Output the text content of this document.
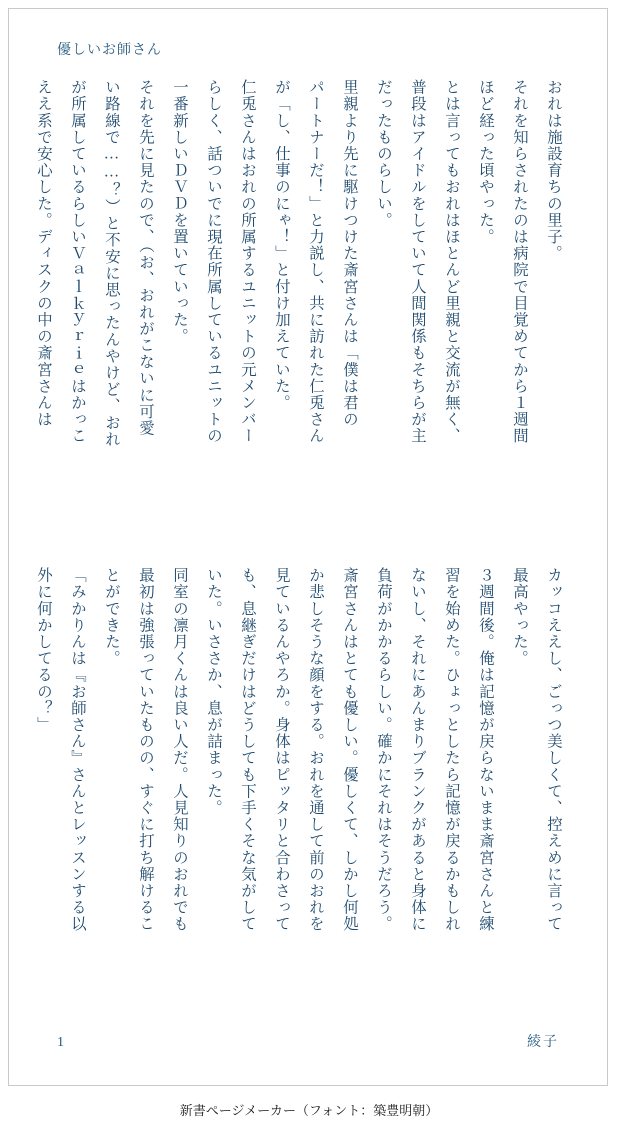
優しいお師さん
おれは施設育ちの里子。
カッコええし、ごっつ美しくて、控えめに言って
それを知らされたのは病院で目覚めてから１週間
最高やった。
ほど経った頃やった。
３週間後。俺は記憶が戻らないまま斎宮さんと練
とは言ってもおれはほとんど里親と交流が無く、
習を始めた。ひょっとしたら記憶が戻るかもしれ
普段はアイドルをしていて人間関係もそちらが主
ないし、それにあんまりブランクがあると身体に
だったものらしい。
負荷がかかるらしい。確かにそれはそうだろう。
里親より先に駆けつけた斎宮さんは「僕は君の
斎宮さんはとても優しい。優しくて、しかし何処
パートナーだ！」と力説し、共に訪れた仁兎さん
か悲しそうな顔をする。おれを通して前のおれを
が「し、仕事のにゃ！」と付け加えていた。
見ているんやろか。身体はピッタリと合わさって
仁兎さんはおれの所属するユニットの元メンバー
も、息継ぎだけはどうしても下手くそな気がして
らしく、話ついでに現在所属しているユニットの
いた。いささか、息が詰まった。
一番新しいＤＶＤを置いていった。
同室の凛月くんは良い人だ。人見知りのおれでも
それを先に見たので、（お、おれがこないに可愛
最初は強張っていたものの、すぐに打ち解けるこ
い路線で……？）と不安に思ったんやけど、おれ
とができた。
が所属しているらしいＶａｌｋｙｒｉｅはかっこ
「みかりんは『お師さん』さんとレッスンする以
ええ系で安心した。ディスクの中の斎宮さんは
外に何かしてるの？」
1	綾子
新書ページメーカー（フォント：築豊明朝）
